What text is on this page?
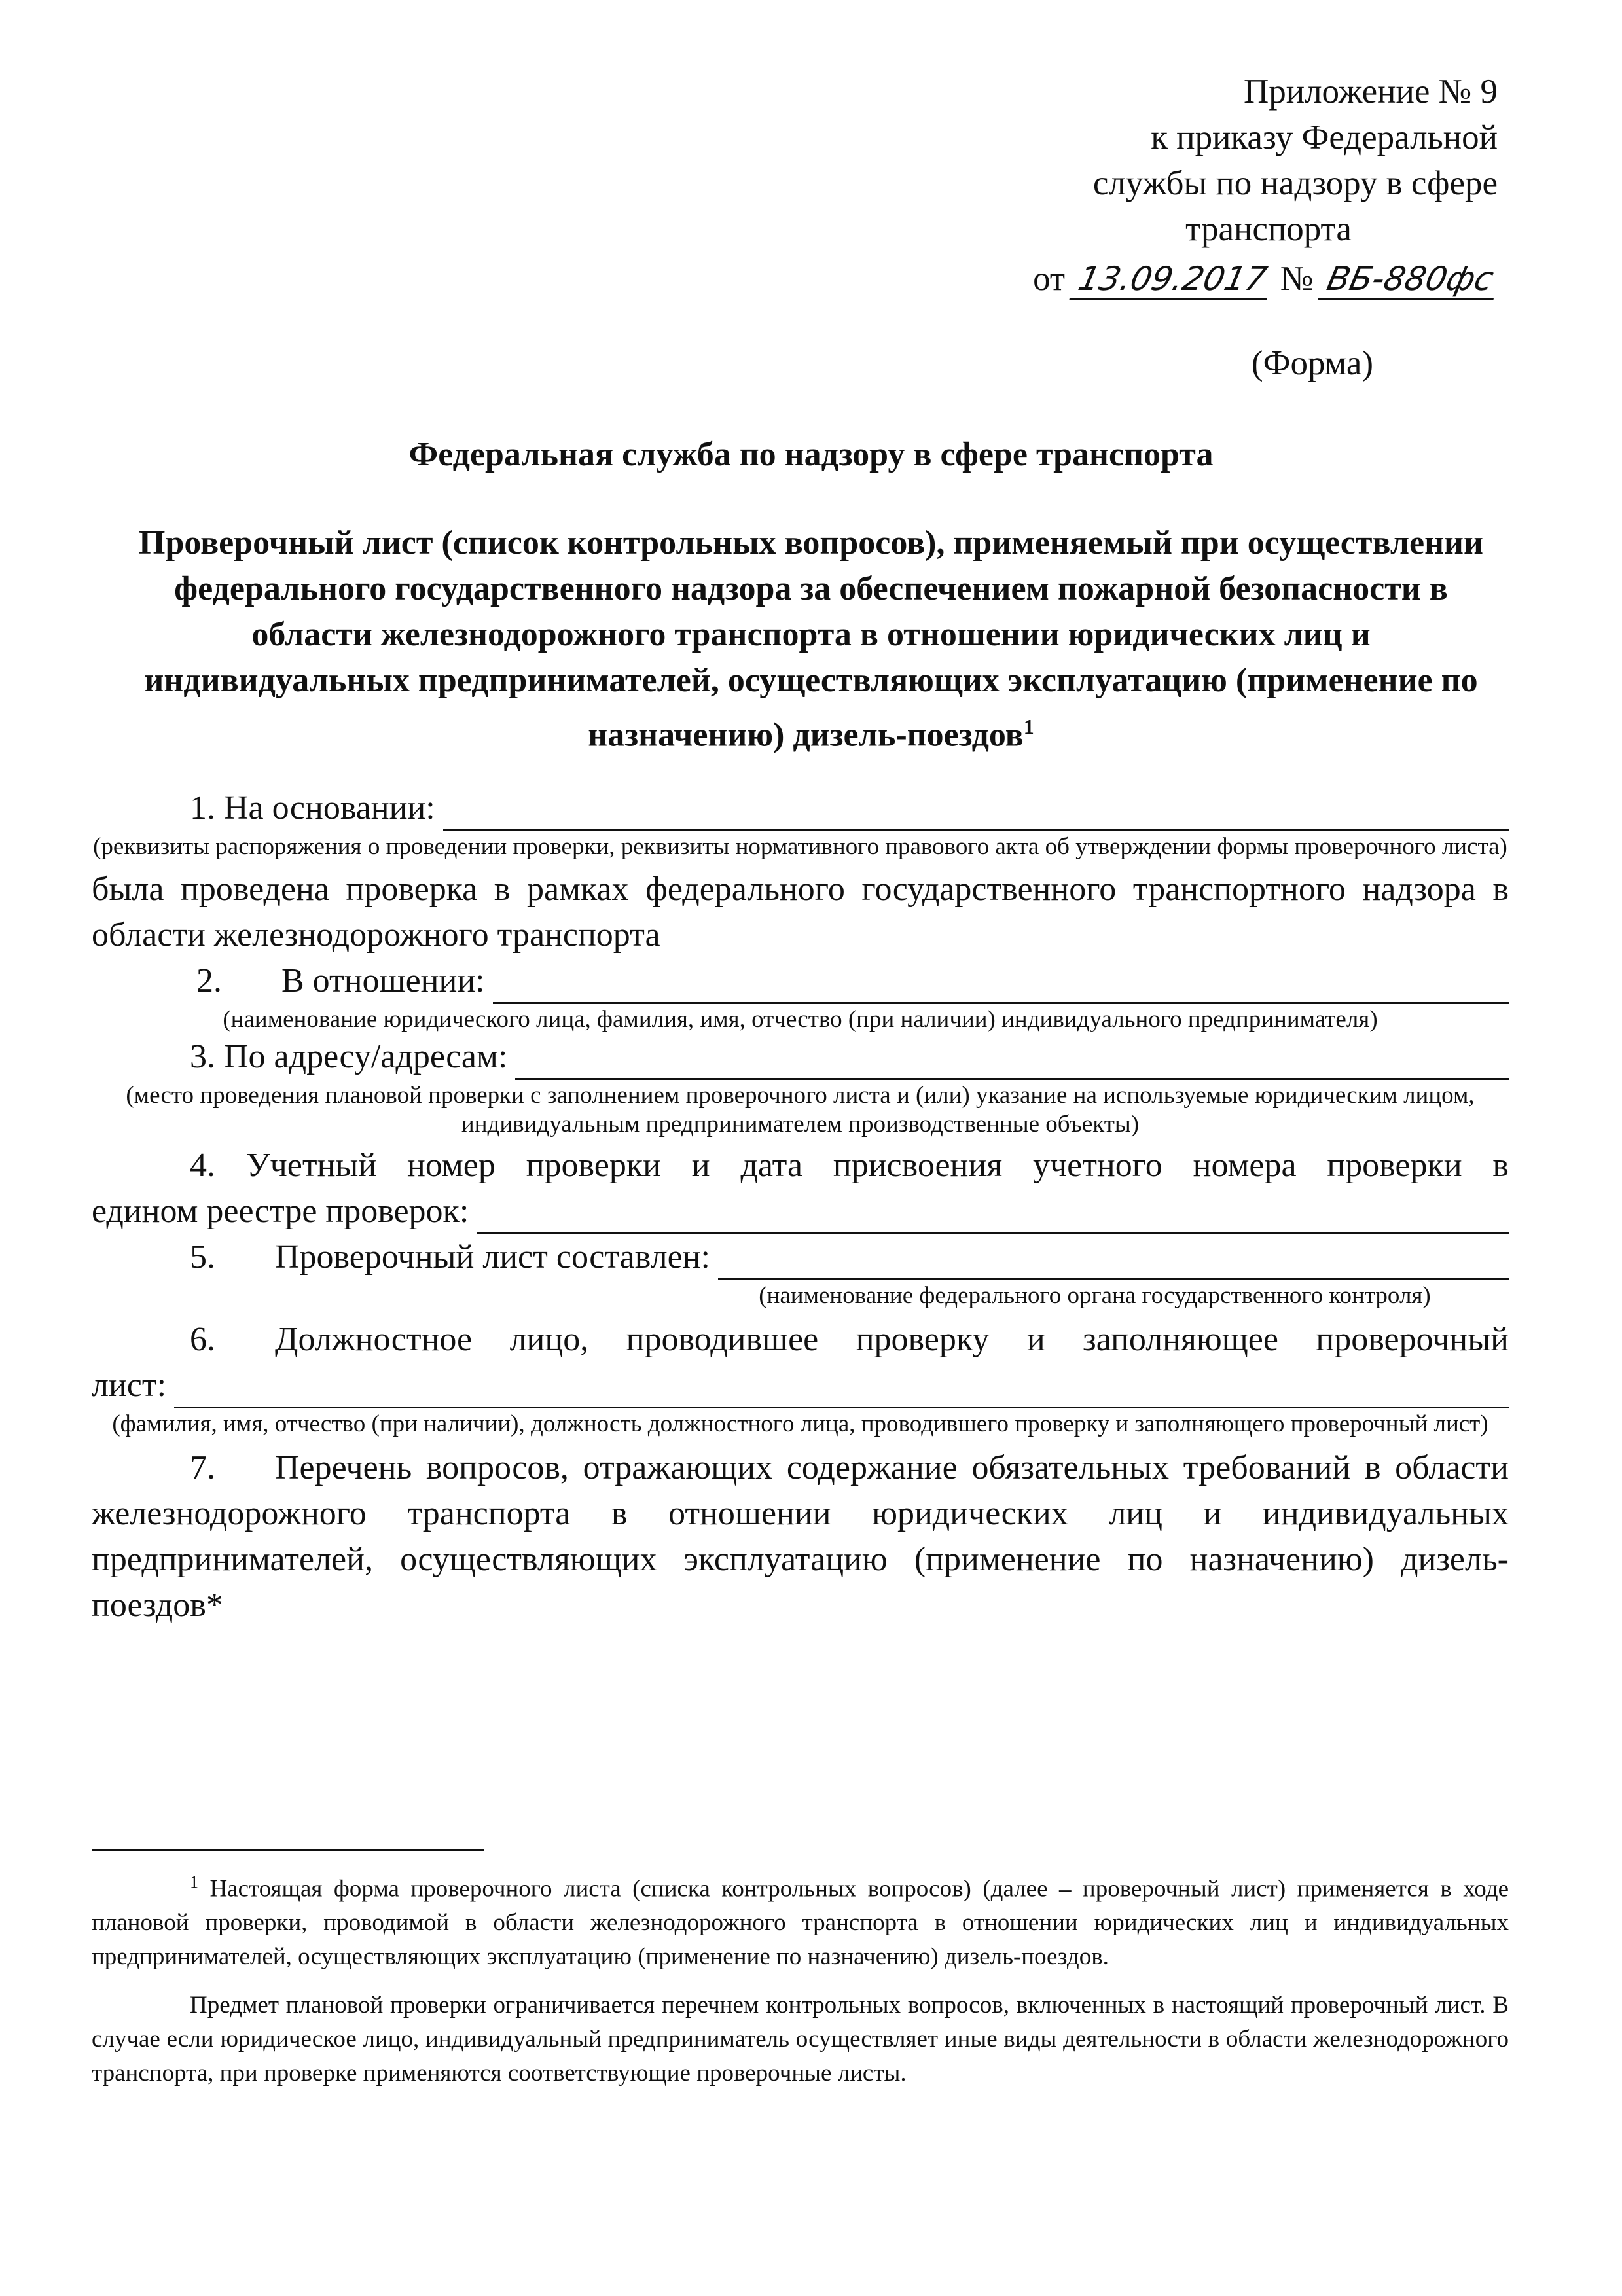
Приложение № 9
к приказу Федеральной
службы по надзору в сфере
транспорта
от 13.09.2017 № ВБ-880фс
(Форма)
Федеральная служба по надзору в сфере транспорта
Проверочный лист (список контрольных вопросов), применяемый при осуществлении федерального государственного надзора за обеспечением пожарной безопасности в области железнодорожного транспорта в отношении юридических лиц и индивидуальных предпринимателей, осуществляющих эксплуатацию (применение по назначению) дизель-поездов$^1$
1.
На основании:
(реквизиты распоряжения о проведении проверки, реквизиты нормативного правового акта об утверждении формы проверочного листа)
была проведена проверка в рамках федерального государственного транспортного надзора в области железнодорожного транспорта
2.	В отношении:
(наименование юридического лица, фамилия, имя, отчество (при наличии) индивидуального предпринимателя)
3.
По адресу/адресам:
(место проведения плановой проверки с заполнением проверочного листа и (или) указание на используемые юридическим лицом, индивидуальным предпринимателем производственные объекты)
4. Учетный номер проверки и дата присвоения учетного номера проверки в
едином реестре проверок:
5.	Проверочный лист составлен:
(наименование федерального органа государственного контроля)
6. Должностное лицо, проводившее проверку и заполняющее проверочный
лист:
(фамилия, имя, отчество (при наличии), должность должностного лица, проводившего проверку и заполняющего проверочный лист)
7. Перечень вопросов, отражающих содержание обязательных требований в области железнодорожного транспорта в отношении юридических лиц и индивидуальных предпринимателей, осуществляющих эксплуатацию (применение по назначению) дизель-поездов*

$^1$ Настоящая форма проверочного листа (списка контрольных вопросов) (далее – проверочный лист) применяется в ходе плановой проверки, проводимой в области железнодорожного транспорта в отношении юридических лиц и индивидуальных предпринимателей, осуществляющих эксплуатацию (применение по назначению) дизель-поездов.

Предмет плановой проверки ограничивается перечнем контрольных вопросов, включенных в настоящий проверочный лист. В случае если юридическое лицо, индивидуальный предприниматель осуществляет иные виды деятельности в области железнодорожного транспорта, при проверке применяются соответствующие проверочные листы.
